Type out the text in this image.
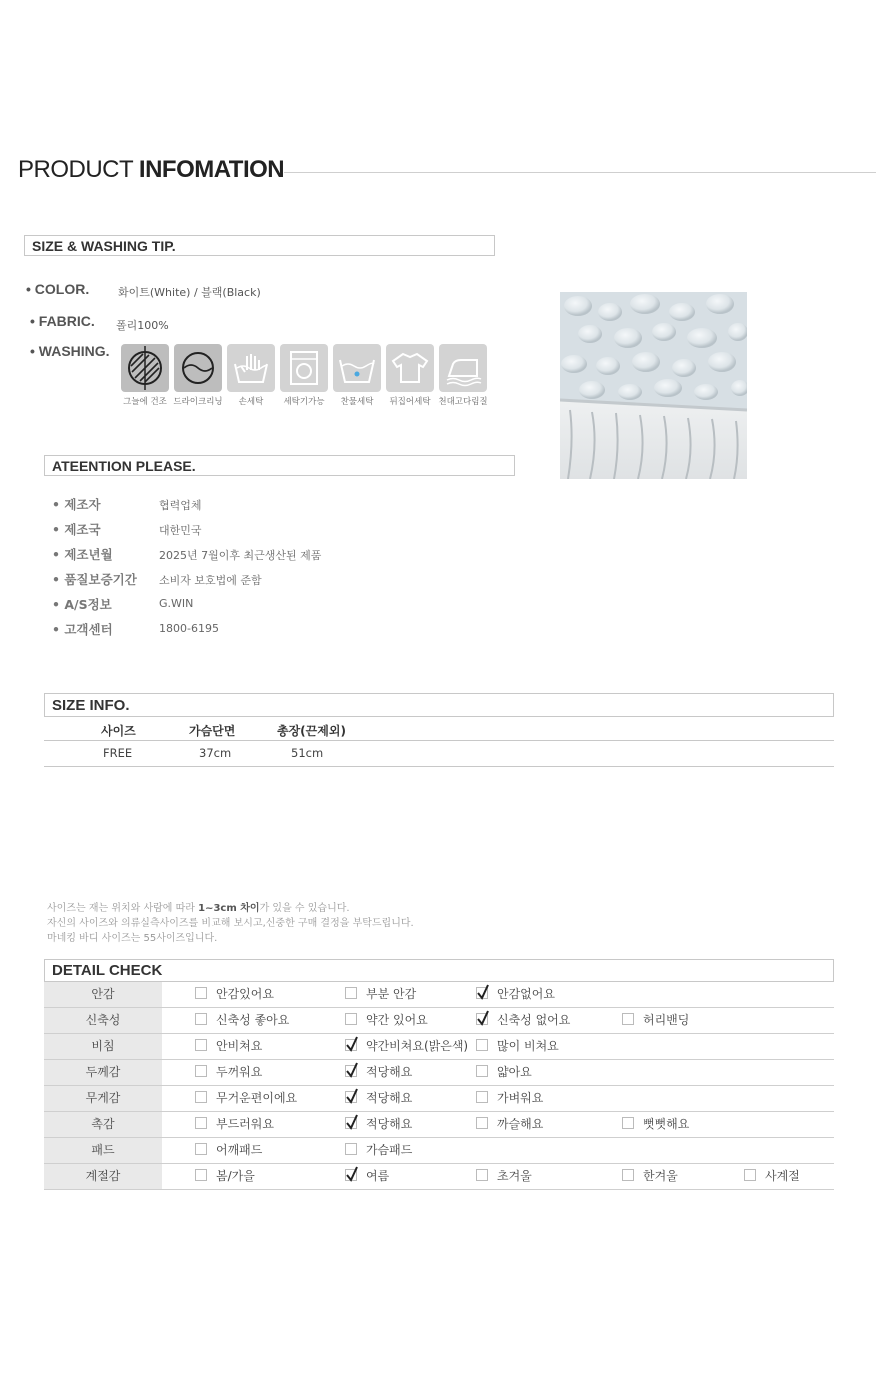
PRODUCT INFOMATION
SIZE & WASHING TIP.
• COLOR.	화이트(White) / 블랙(Black)
• FABRIC. 폴리100%
• WASHING.
그늘에 건조 드라이크리닝	손세탁	세탁기가능	찬물세탁	뒤집어세탁 천대고다림질
ATEENTION PLEASE.
• 제조자	협력업체
• 제조국	대한민국
• 제조년월	2025년 7월이후 최근생산된 제품
• 품질보증기간 소비자 보호법에 준함
• A/S정보	G.WIN
• 고객센터	1800-6195
SIZE INFO.
사이즈	가슴단면	총장(끈제외)
FREE	37cm	51cm
사이즈는 재는 위치와 사람에 따라 1~3cm 차이가 있을 수 있습니다.
자신의 사이즈와 의류실측사이즈를 비교해 보시고,신중한 구매 결정을 부탁드립니다.
마네킹 바디 사이즈는 55사이즈입니다.
DETAIL CHECK
안감	안감있어요	부분 안감	안감없어요
신축성	신축성 좋아요	약간 있어요	신축성 없어요	허리밴딩
비침	안비쳐요	약간비쳐요(밝은색)	많이 비쳐요
두께감	두꺼워요	적당해요	얇아요
무게감	무거운편이에요	적당해요	가벼워요
촉감	부드러워요	적당해요	까슬해요	뻣뻣해요
패드	어깨패드	가슴패드
계절감	봄/가을	여름	초겨울	한겨울	사계절
